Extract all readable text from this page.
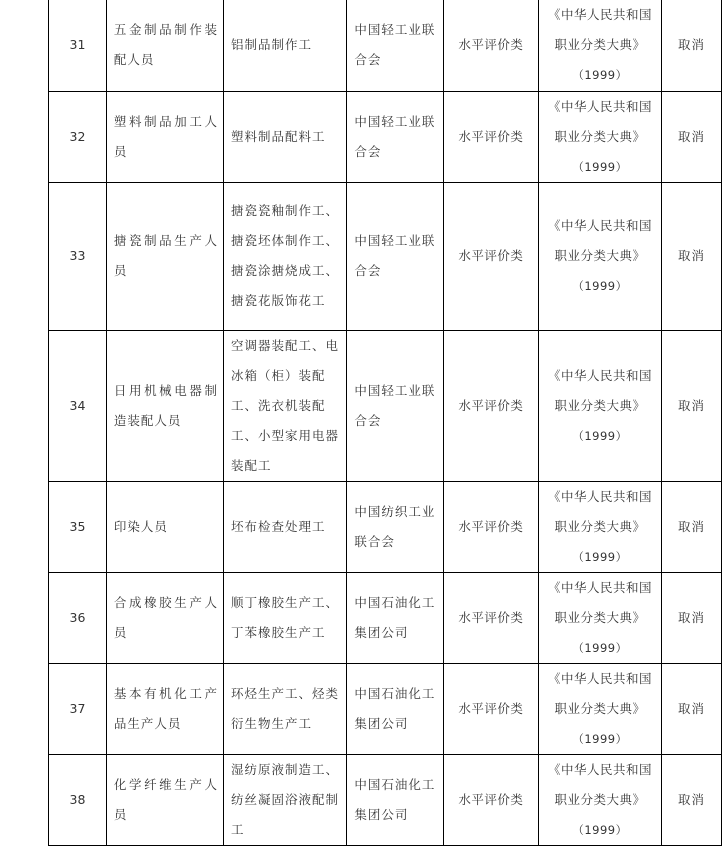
31	五金制品制作装配人员	铝制品制作工	中国轻工业联合会	水平评价类	《中华人民共和国
职业分类大典》
（1999）	取消
32	塑料制品加工人员	塑料制品配料工	中国轻工业联合会	水平评价类	《中华人民共和国
职业分类大典》
（1999）	取消
33	搪瓷制品生产人员	搪瓷瓷釉制作工、搪瓷坯体制作工、搪瓷涂搪烧成工、搪瓷花版饰花工	中国轻工业联合会	水平评价类	《中华人民共和国
职业分类大典》
（1999）	取消
34	日用机械电器制造装配人员	空调器装配工、电冰箱（柜）装配工、洗衣机装配工、小型家用电器装配工	中国轻工业联合会	水平评价类	《中华人民共和国
职业分类大典》
（1999）	取消
35	印染人员	坯布检查处理工	中国纺织工业联合会	水平评价类	《中华人民共和国
职业分类大典》
（1999）	取消
36	合成橡胶生产人员	顺丁橡胶生产工、丁苯橡胶生产工	中国石油化工集团公司	水平评价类	《中华人民共和国
职业分类大典》
（1999）	取消
37	基本有机化工产品生产人员	环烃生产工、烃类衍生物生产工	中国石油化工集团公司	水平评价类	《中华人民共和国
职业分类大典》
（1999）	取消
38	化学纤维生产人员	湿纺原液制造工、纺丝凝固浴液配制工	中国石油化工集团公司	水平评价类	《中华人民共和国
职业分类大典》
（1999）	取消
